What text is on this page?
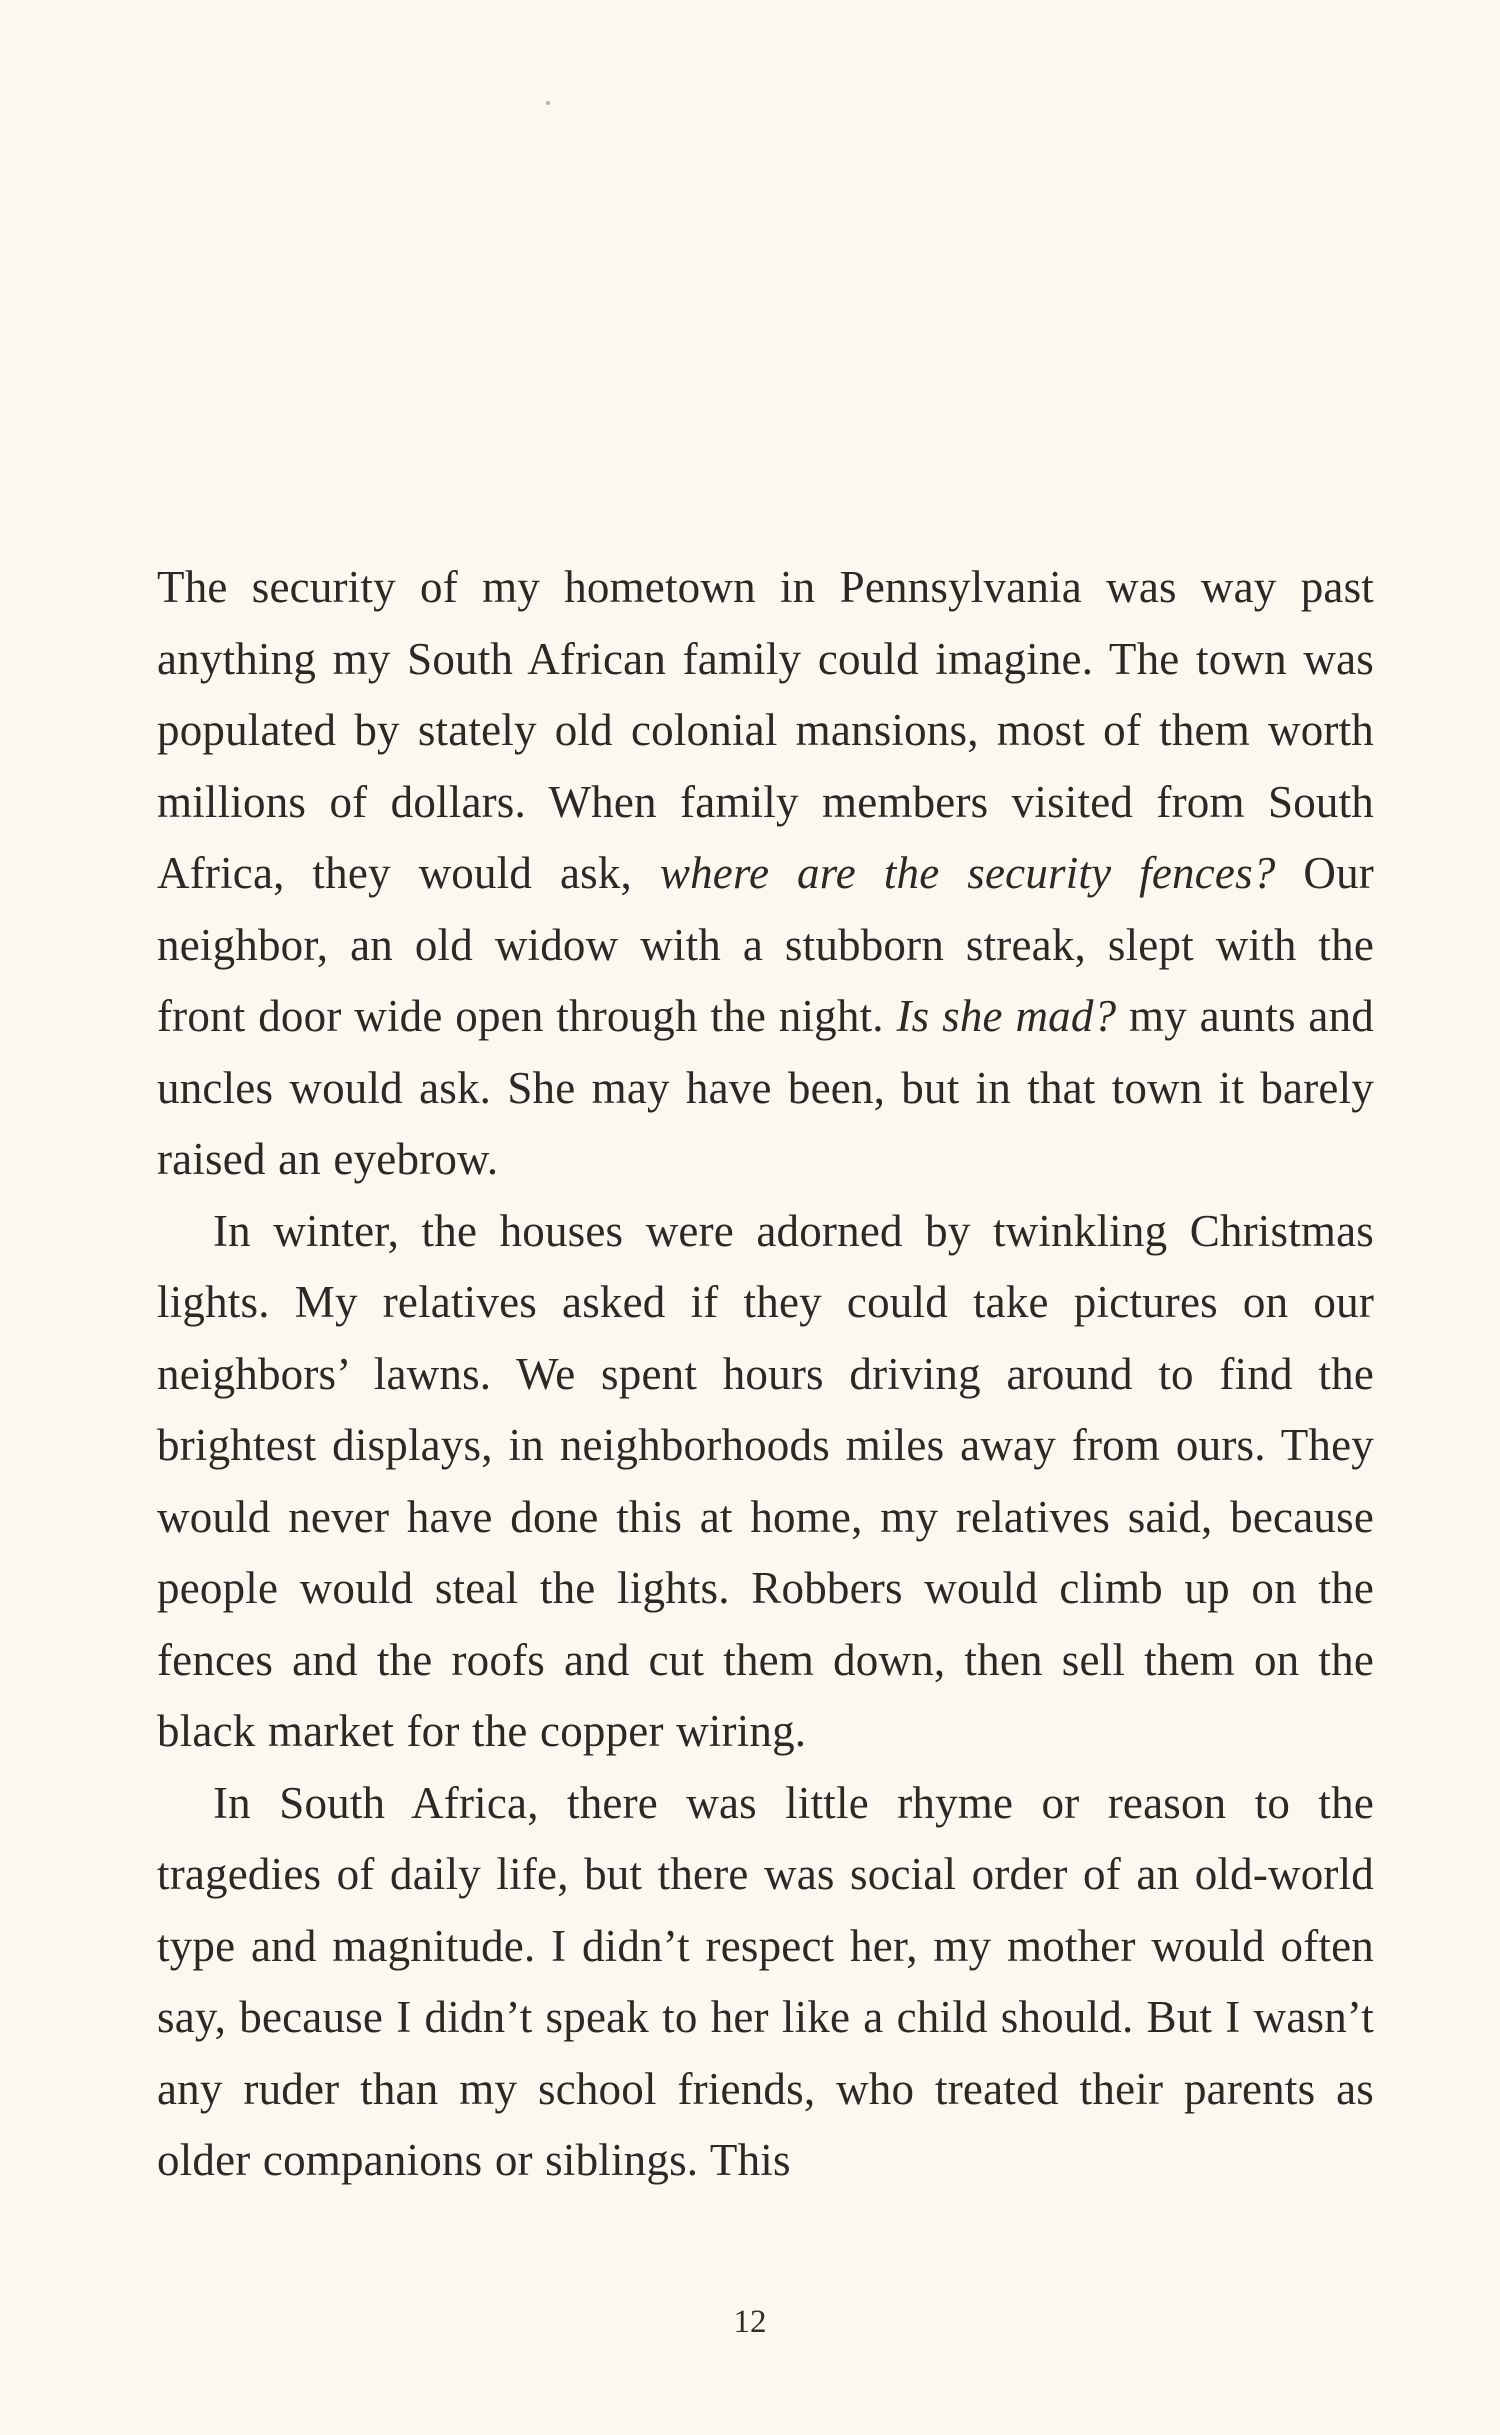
The security of my hometown in Pennsylvania was way past anything my South African family could imagine. The town was populated by stately old colonial mansions, most of them worth millions of dollars. When family members visited from South Africa, they would ask, where are the security fences? Our neighbor, an old widow with a stubborn streak, slept with the front door wide open through the night. Is she mad? my aunts and uncles would ask. She may have been, but in that town it barely raised an eyebrow.

In winter, the houses were adorned by twinkling Christmas lights. My relatives asked if they could take pictures on our neighbors’ lawns. We spent hours driving around to find the brightest displays, in neighborhoods miles away from ours. They would never have done this at home, my relatives said, because people would steal the lights. Robbers would climb up on the fences and the roofs and cut them down, then sell them on the black market for the copper wiring.

In South Africa, there was little rhyme or reason to the tragedies of daily life, but there was social order of an old-world type and magnitude. I didn’t respect her, my mother would often say, because I didn’t speak to her like a child should. But I wasn’t any ruder than my school friends, who treated their parents as older companions or siblings. This

12
